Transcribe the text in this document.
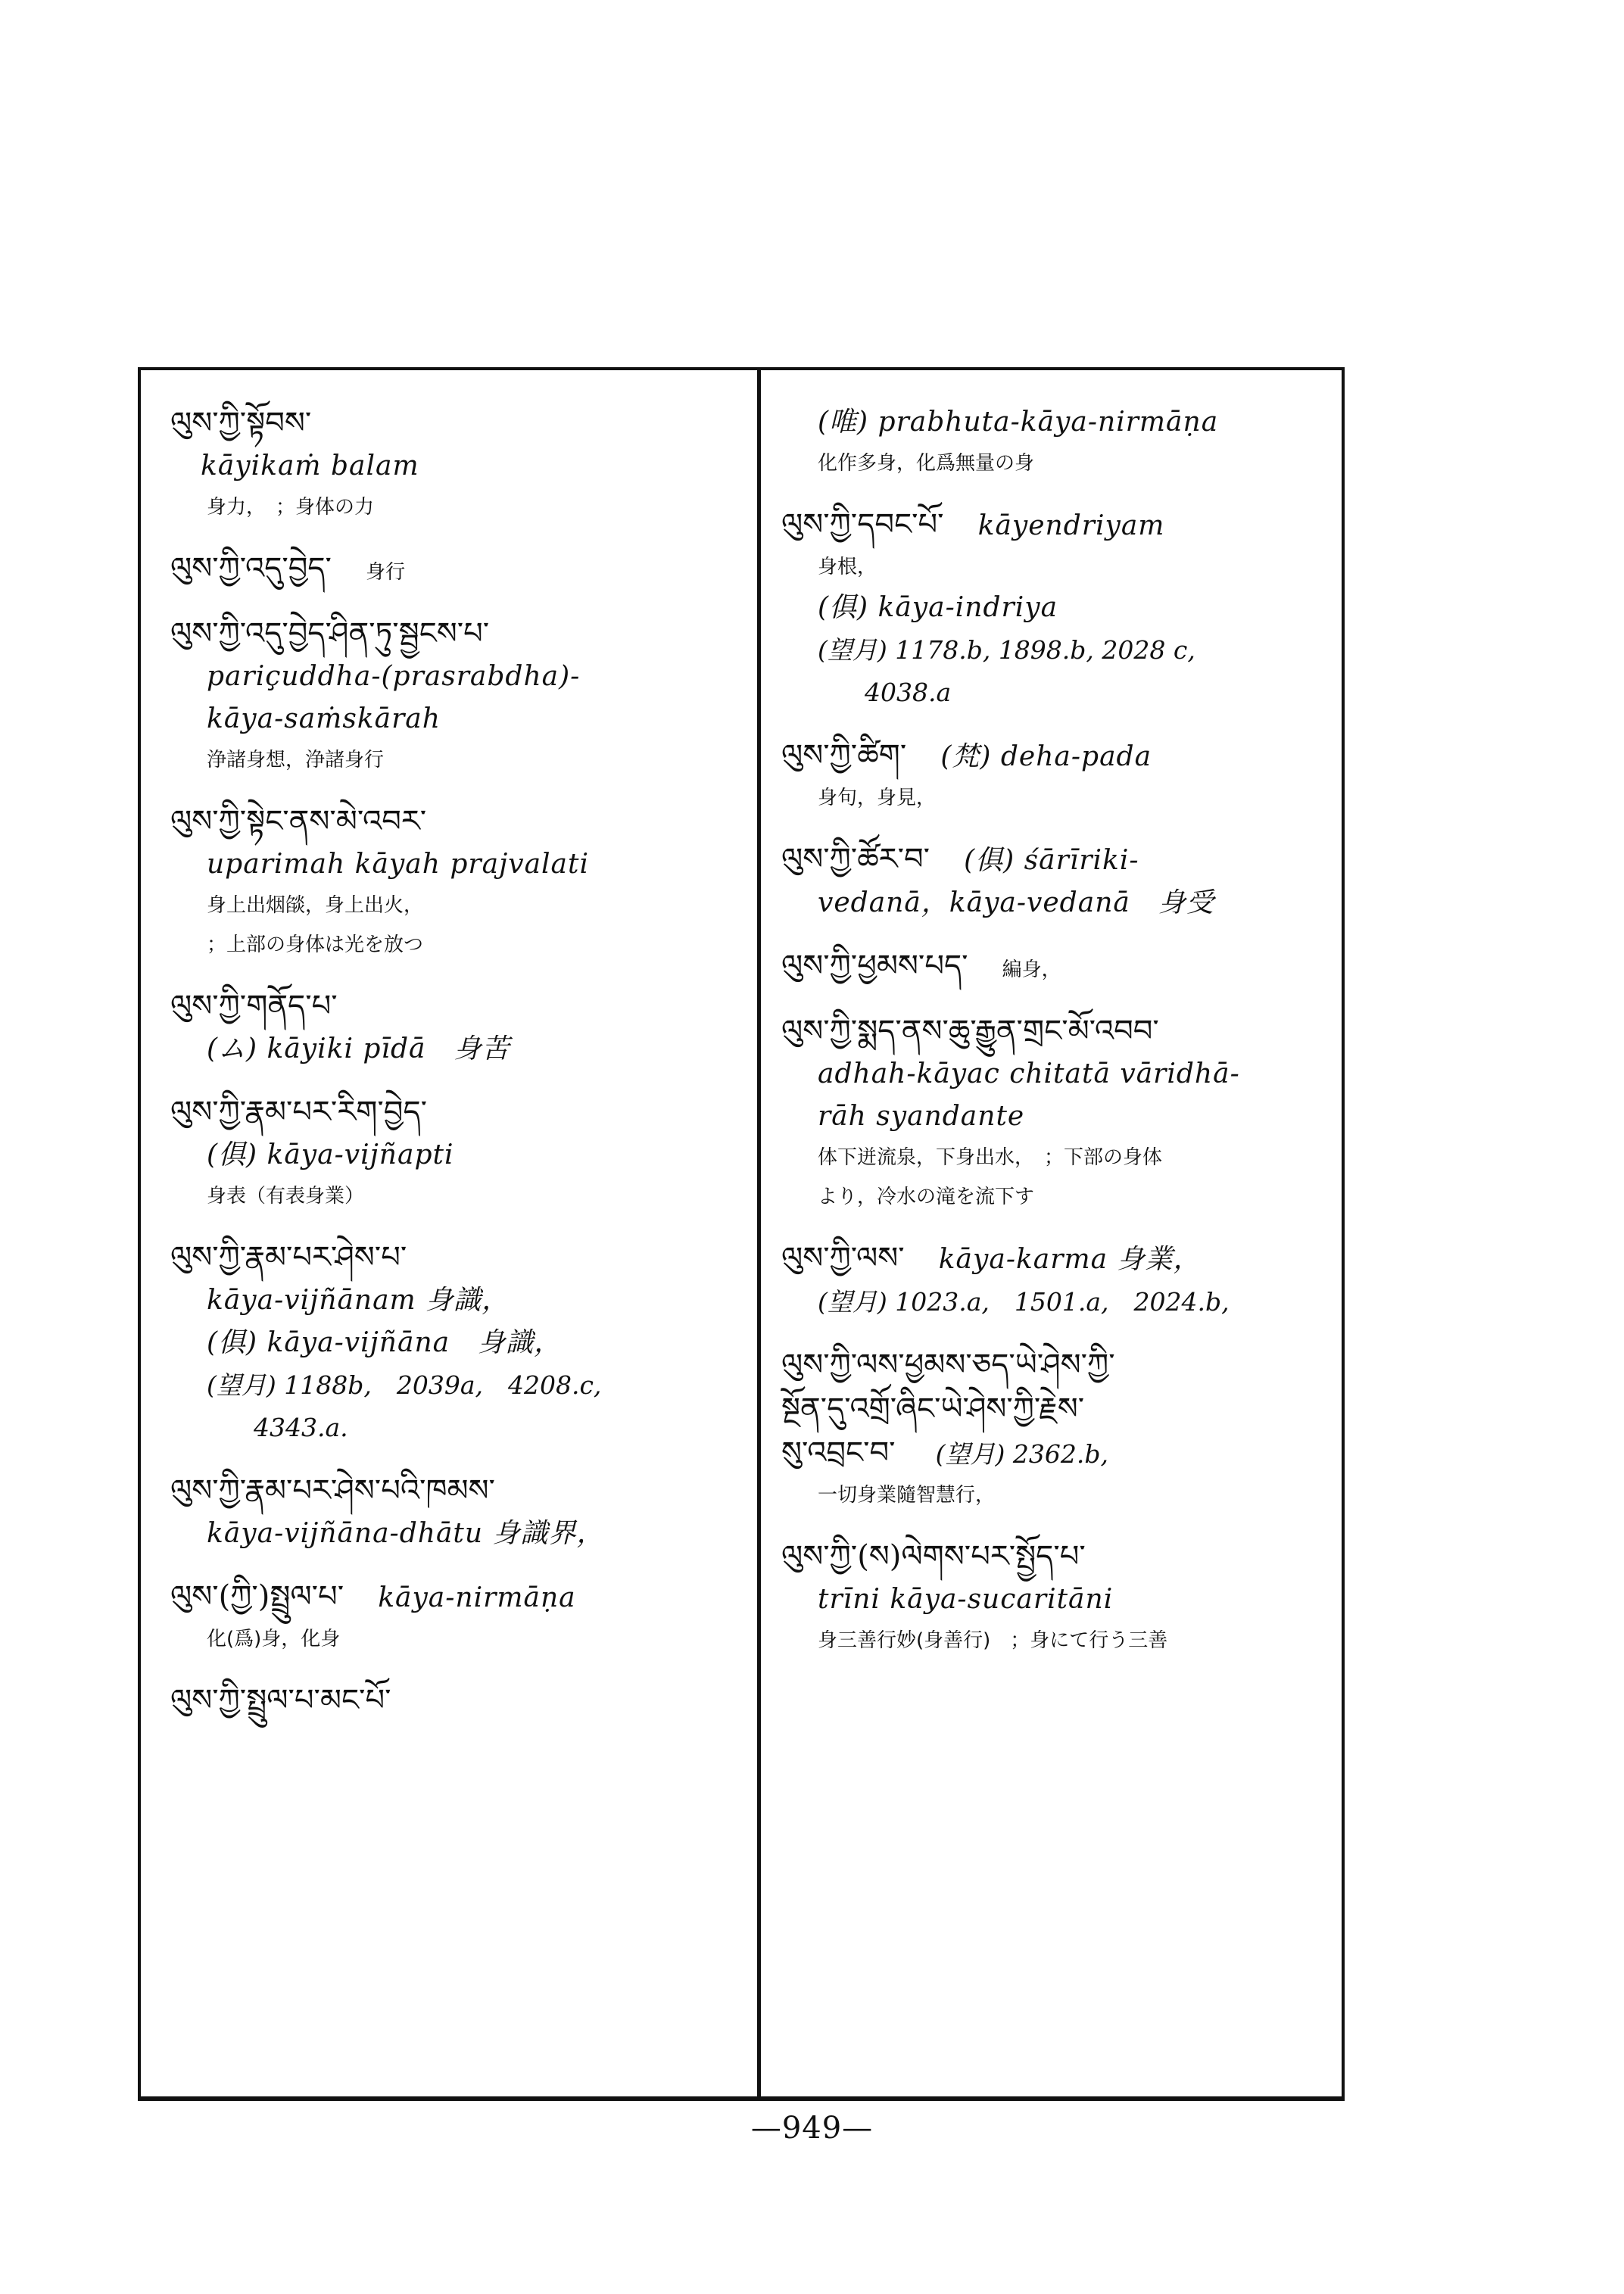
ལུས་ཀྱི་སྟོབས་
kāyikaṁ balam
身力，　；身体の力
ལུས་ཀྱི་འདུ་བྱེད་ 身行
ལུས་ཀྱི་འདུ་བྱེད་ཤིན་ཏུ་སྦྱངས་པ་
pariçuddha-(prasrabdha)-
kāya-saṁskārah
浄諸身想，浄諸身行
ལུས་ཀྱི་སྟེང་ནས་མེ་འབར་
uparimah kāyah prajvalati
身上出烟燄，身上出火，
；上部の身体は光を放つ
ལུས་ཀྱི་གནོད་པ་
(ム) kāyiki pīdā　身苦
ལུས་ཀྱི་རྣམ་པར་རིག་བྱེད་
(俱) kāya-vijñapti
身表（有表身業）
ལུས་ཀྱི་རྣམ་པར་ཤེས་པ་
kāya-vijñānam 身識，
(俱) kāya-vijñāna　身識，
(望月) 1188b,　2039a,　4208.c,
4343.a.
ལུས་ཀྱི་རྣམ་པར་ཤེས་པའི་ཁམས་
kāya-vijñāna-dhātu 身識界，
ལུས་(ཀྱི་)སྤྲུལ་པ་ kāya-nirmāṇa
化(爲)身，化身
ལུས་ཀྱི་སྤྲུལ་པ་མང་པོ་
(唯) prabhuta-kāya-nirmāṇa
化作多身，化爲無量の身
ལུས་ཀྱི་དབང་པོ་ kāyendriyam
身根，
(俱) kāya-indriya
(望月) 1178.b, 1898.b, 2028 c,
4038.a
ལུས་ཀྱི་ཚིག་ (梵) deha-pada
身句，身見，
ལུས་ཀྱི་ཚོར་བ་ (俱) śārīriki-
vedanā，kāya-vedanā　身受
ལུས་ཀྱི་ཕྱམས་པད་ 編身，
ལུས་ཀྱི་སྨད་ནས་ཆུ་རྒྱུན་གྲང་མོ་འབབ་
adhah-kāyac chitatā vāridhā-
rāh syandante
体下迸流泉，下身出水，　；下部の身体
より，冷水の滝を流下す
ལུས་ཀྱི་ལས་ kāya-karma 身業，
(望月) 1023.a,　1501.a,　2024.b,
ལུས་ཀྱི་ལས་ཕྱམས་ཅད་ཡེ་ཤེས་ཀྱི་
སྔོན་དུ་འགྲོ་ཞིང་ཡེ་ཤེས་ཀྱི་རྗེས་
སུ་འབྲང་བ་ (望月) 2362.b,
一切身業隨智慧行，
ལུས་ཀྱི་(ས)ལེགས་པར་སྤྱོད་པ་
trīni kāya-sucaritāni
身三善行妙(身善行)　；身にて行う三善
—949—
